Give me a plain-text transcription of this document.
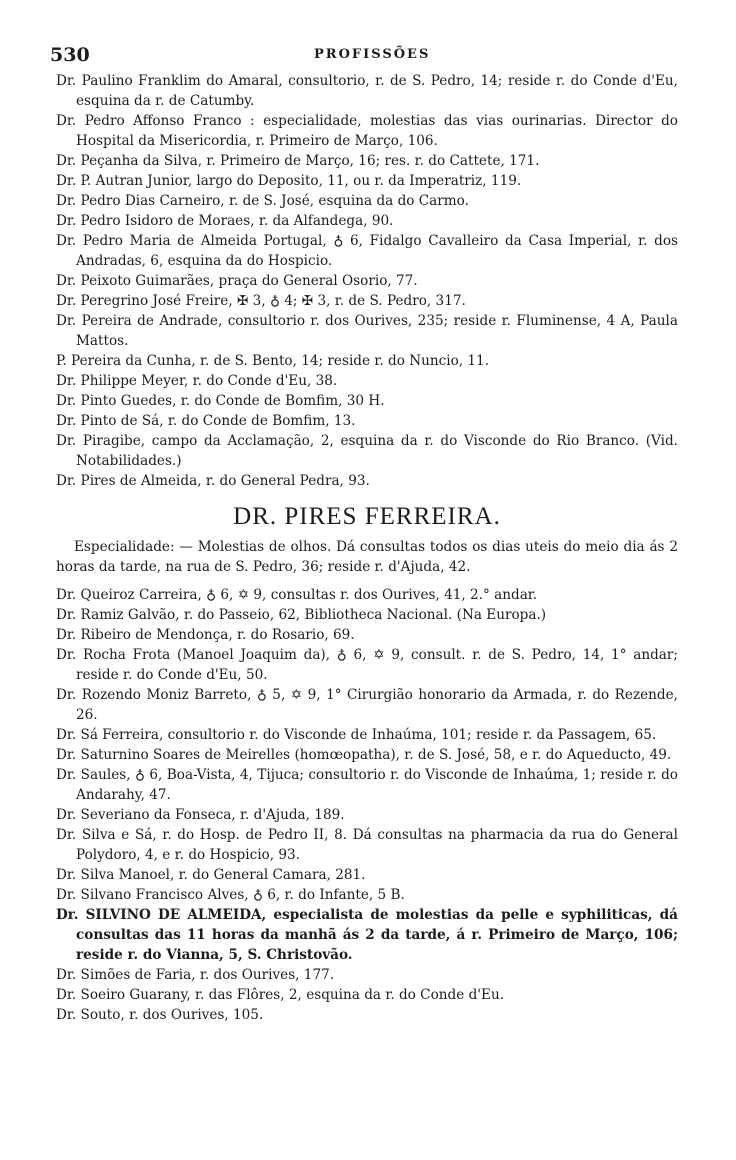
530	PROFISSÕES

Dr. Paulino Franklim do Amaral, consultorio, r. de S. Pedro, 14; reside r. do Conde d'Eu, esquina da r. de Catumby.

Dr. Pedro Affonso Franco : especialidade, molestias das vias ourinarias. Director do Hospital da Misericordia, r. Primeiro de Março, 106.

Dr. Peçanha da Silva, r. Primeiro de Março, 16; res. r. do Cattete, 171.

Dr. P. Autran Junior, largo do Deposito, 11, ou r. da Imperatriz, 119.

Dr. Pedro Dias Carneiro, r. de S. José, esquina da do Carmo.

Dr. Pedro Isidoro de Moraes, r. da Alfandega, 90.

Dr. Pedro Maria de Almeida Portugal, ♁ 6, Fidalgo Cavalleiro da Casa Imperial, r. dos Andradas, 6, esquina da do Hospicio.

Dr. Peixoto Guimarães, praça do General Osorio, 77.

Dr. Peregrino José Freire, ✠ 3, ♁ 4; ✠ 3, r. de S. Pedro, 317.

Dr. Pereira de Andrade, consultorio r. dos Ourives, 235; reside r. Fluminense, 4 A, Paula Mattos.

P. Pereira da Cunha, r. de S. Bento, 14; reside r. do Nuncio, 11.

Dr. Philippe Meyer, r. do Conde d'Eu, 38.

Dr. Pinto Guedes, r. do Conde de Bomfim, 30 H.

Dr. Pinto de Sá, r. do Conde de Bomfim, 13.

Dr. Piragibe, campo da Acclamação, 2, esquina da r. do Visconde do Rio Branco. (Vid. Notabilidades.)

Dr. Pires de Almeida, r. do General Pedra, 93.

DR. PIRES FERREIRA.

Especialidade: — Molestias de olhos. Dá consultas todos os dias uteis do meio dia ás 2 horas da tarde, na rua de S. Pedro, 36; reside r. d'Ajuda, 42.

Dr. Queiroz Carreira, ♁ 6, ✡ 9, consultas r. dos Ourives, 41, 2.° andar.

Dr. Ramiz Galvão, r. do Passeio, 62, Bibliotheca Nacional. (Na Europa.)

Dr. Ribeiro de Mendonça, r. do Rosario, 69.

Dr. Rocha Frota (Manoel Joaquim da), ♁ 6, ✡ 9, consult. r. de S. Pedro, 14, 1° andar; reside r. do Conde d'Eu, 50.

Dr. Rozendo Moniz Barreto, ♁ 5, ✡ 9, 1° Cirurgião honorario da Armada, r. do Rezende, 26.

Dr. Sá Ferreira, consultorio r. do Visconde de Inhaúma, 101; reside r. da Passagem, 65.

Dr. Saturnino Soares de Meirelles (homœopatha), r. de S. José, 58, e r. do Aqueducto, 49.

Dr. Saules, ♁ 6, Boa-Vista, 4, Tijuca; consultorio r. do Visconde de Inhaúma, 1; reside r. do Andarahy, 47.

Dr. Severiano da Fonseca, r. d'Ajuda, 189.

Dr. Silva e Sá, r. do Hosp. de Pedro II, 8. Dá consultas na pharmacia da rua do General Polydoro, 4, e r. do Hospicio, 93.

Dr. Silva Manoel, r. do General Camara, 281.

Dr. Silvano Francisco Alves, ♁ 6, r. do Infante, 5 B.

Dr. SILVINO DE ALMEIDA, especialista de molestias da pelle e syphiliticas, dá consultas das 11 horas da manhã ás 2 da tarde, á r. Primeiro de Março, 106; reside r. do Vianna, 5, S. Christovão.

Dr. Simões de Faria, r. dos Ourives, 177.

Dr. Soeiro Guarany, r. das Flôres, 2, esquina da r. do Conde d'Eu.

Dr. Souto, r. dos Ourives, 105.
